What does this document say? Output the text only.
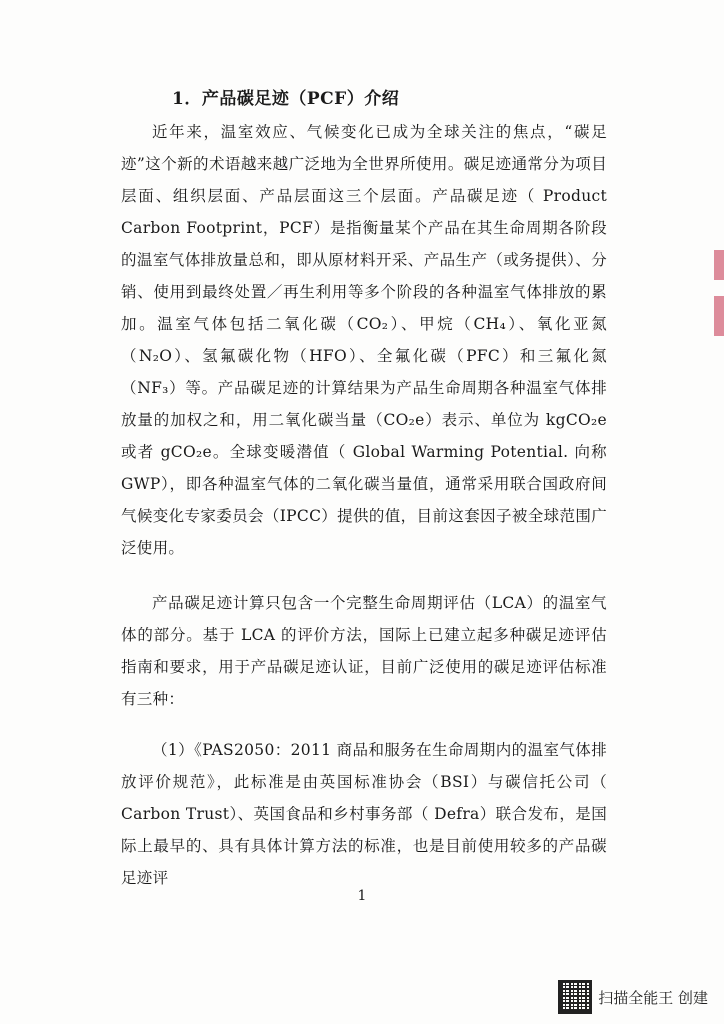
1．产品碳足迹（PCF）介绍

近年来，温室效应、气候变化已成为全球关注的焦点，“碳足迹”这个新的术语越来越广泛地为全世界所使用。碳足迹通常分为项目层面、组织层面、产品层面这三个层面。产品碳足迹（ Product Carbon Footprint，PCF）是指衡量某个产品在其生命周期各阶段的温室气体排放量总和，即从原材料开采、产品生产（或务提供）、分销、使用到最终处置／再生利用等多个阶段的各种温室气体排放的累加。温室气体包括二氧化碳（CO₂）、甲烷（CH₄）、氧化亚氮（N₂O）、氢氟碳化物（HFO）、全氟化碳（PFC）和三氟化氮（NF₃）等。产品碳足迹的计算结果为产品生命周期各种温室气体排放量的加权之和，用二氧化碳当量（CO₂e）表示、单位为 kgCO₂e 或者 gCO₂e。全球变暖潜值（ Global Warming Potential. 向称 GWP），即各种温室气体的二氧化碳当量值，通常采用联合国政府间气候变化专家委员会（IPCC）提供的值，目前这套因子被全球范围广泛使用。

产品碳足迹计算只包含一个完整生命周期评估（LCA）的温室气体的部分。基于 LCA 的评价方法，国际上已建立起多种碳足迹评估指南和要求，用于产品碳足迹认证，目前广泛使用的碳足迹评估标准有三种：

（1）《PAS2050：2011 商品和服务在生命周期内的温室气体排放评价规范》，此标准是由英国标准协会（BSI）与碳信托公司（ Carbon Trust）、英国食品和乡村事务部（ Defra）联合发布，是国际上最早的、具有具体计算方法的标准，也是目前使用较多的产品碳足迹评

1
扫描全能王 创建
